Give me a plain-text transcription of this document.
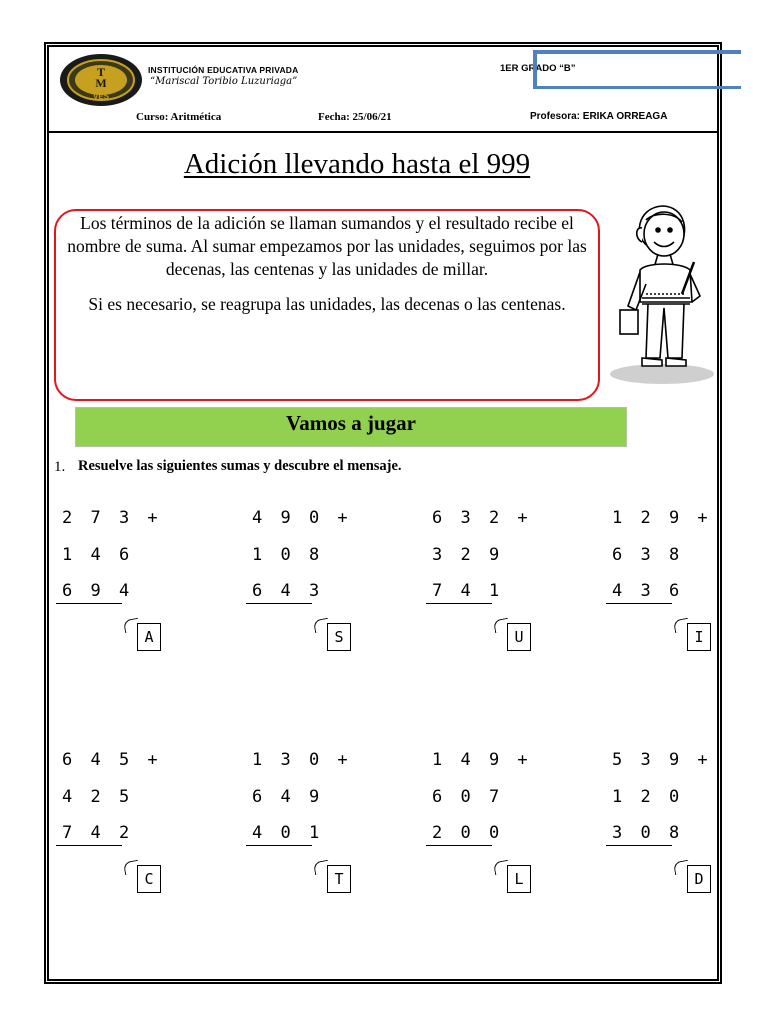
T
M
VES
INSTITUCIÓN EDUCATIVA PRIVADA
“Mariscal Toribio Luzuriaga”
1ER GRADO “B”
Curso: Aritmética	Fecha: 25/06/21	Profesora: ERIKA ORREAGA
Adición llevando hasta el 999

Los términos de la adición se llaman sumandos y el resultado recibe el nombre de suma. Al sumar empezamos por las unidades, seguimos por las decenas, las centenas y las unidades de millar.

Si es necesario, se reagrupa las unidades, las decenas o las centenas.

Vamos a jugar
1. Resuelve las siguientes sumas y descubre el mensaje.
2 7 3 +
1 4 6
6 9 4
A
4 9 0 +
1 0 8
6 4 3
S
6 3 2 +
3 2 9
7 4 1
U
1 2 9 +
6 3 8
4 3 6
I
6 4 5 +
4 2 5
7 4 2
C
1 3 0 +
6 4 9
4 0 1
T
1 4 9 +
6 0 7
2 0 0
L
5 3 9 +
1 2 0
3 0 8
D
